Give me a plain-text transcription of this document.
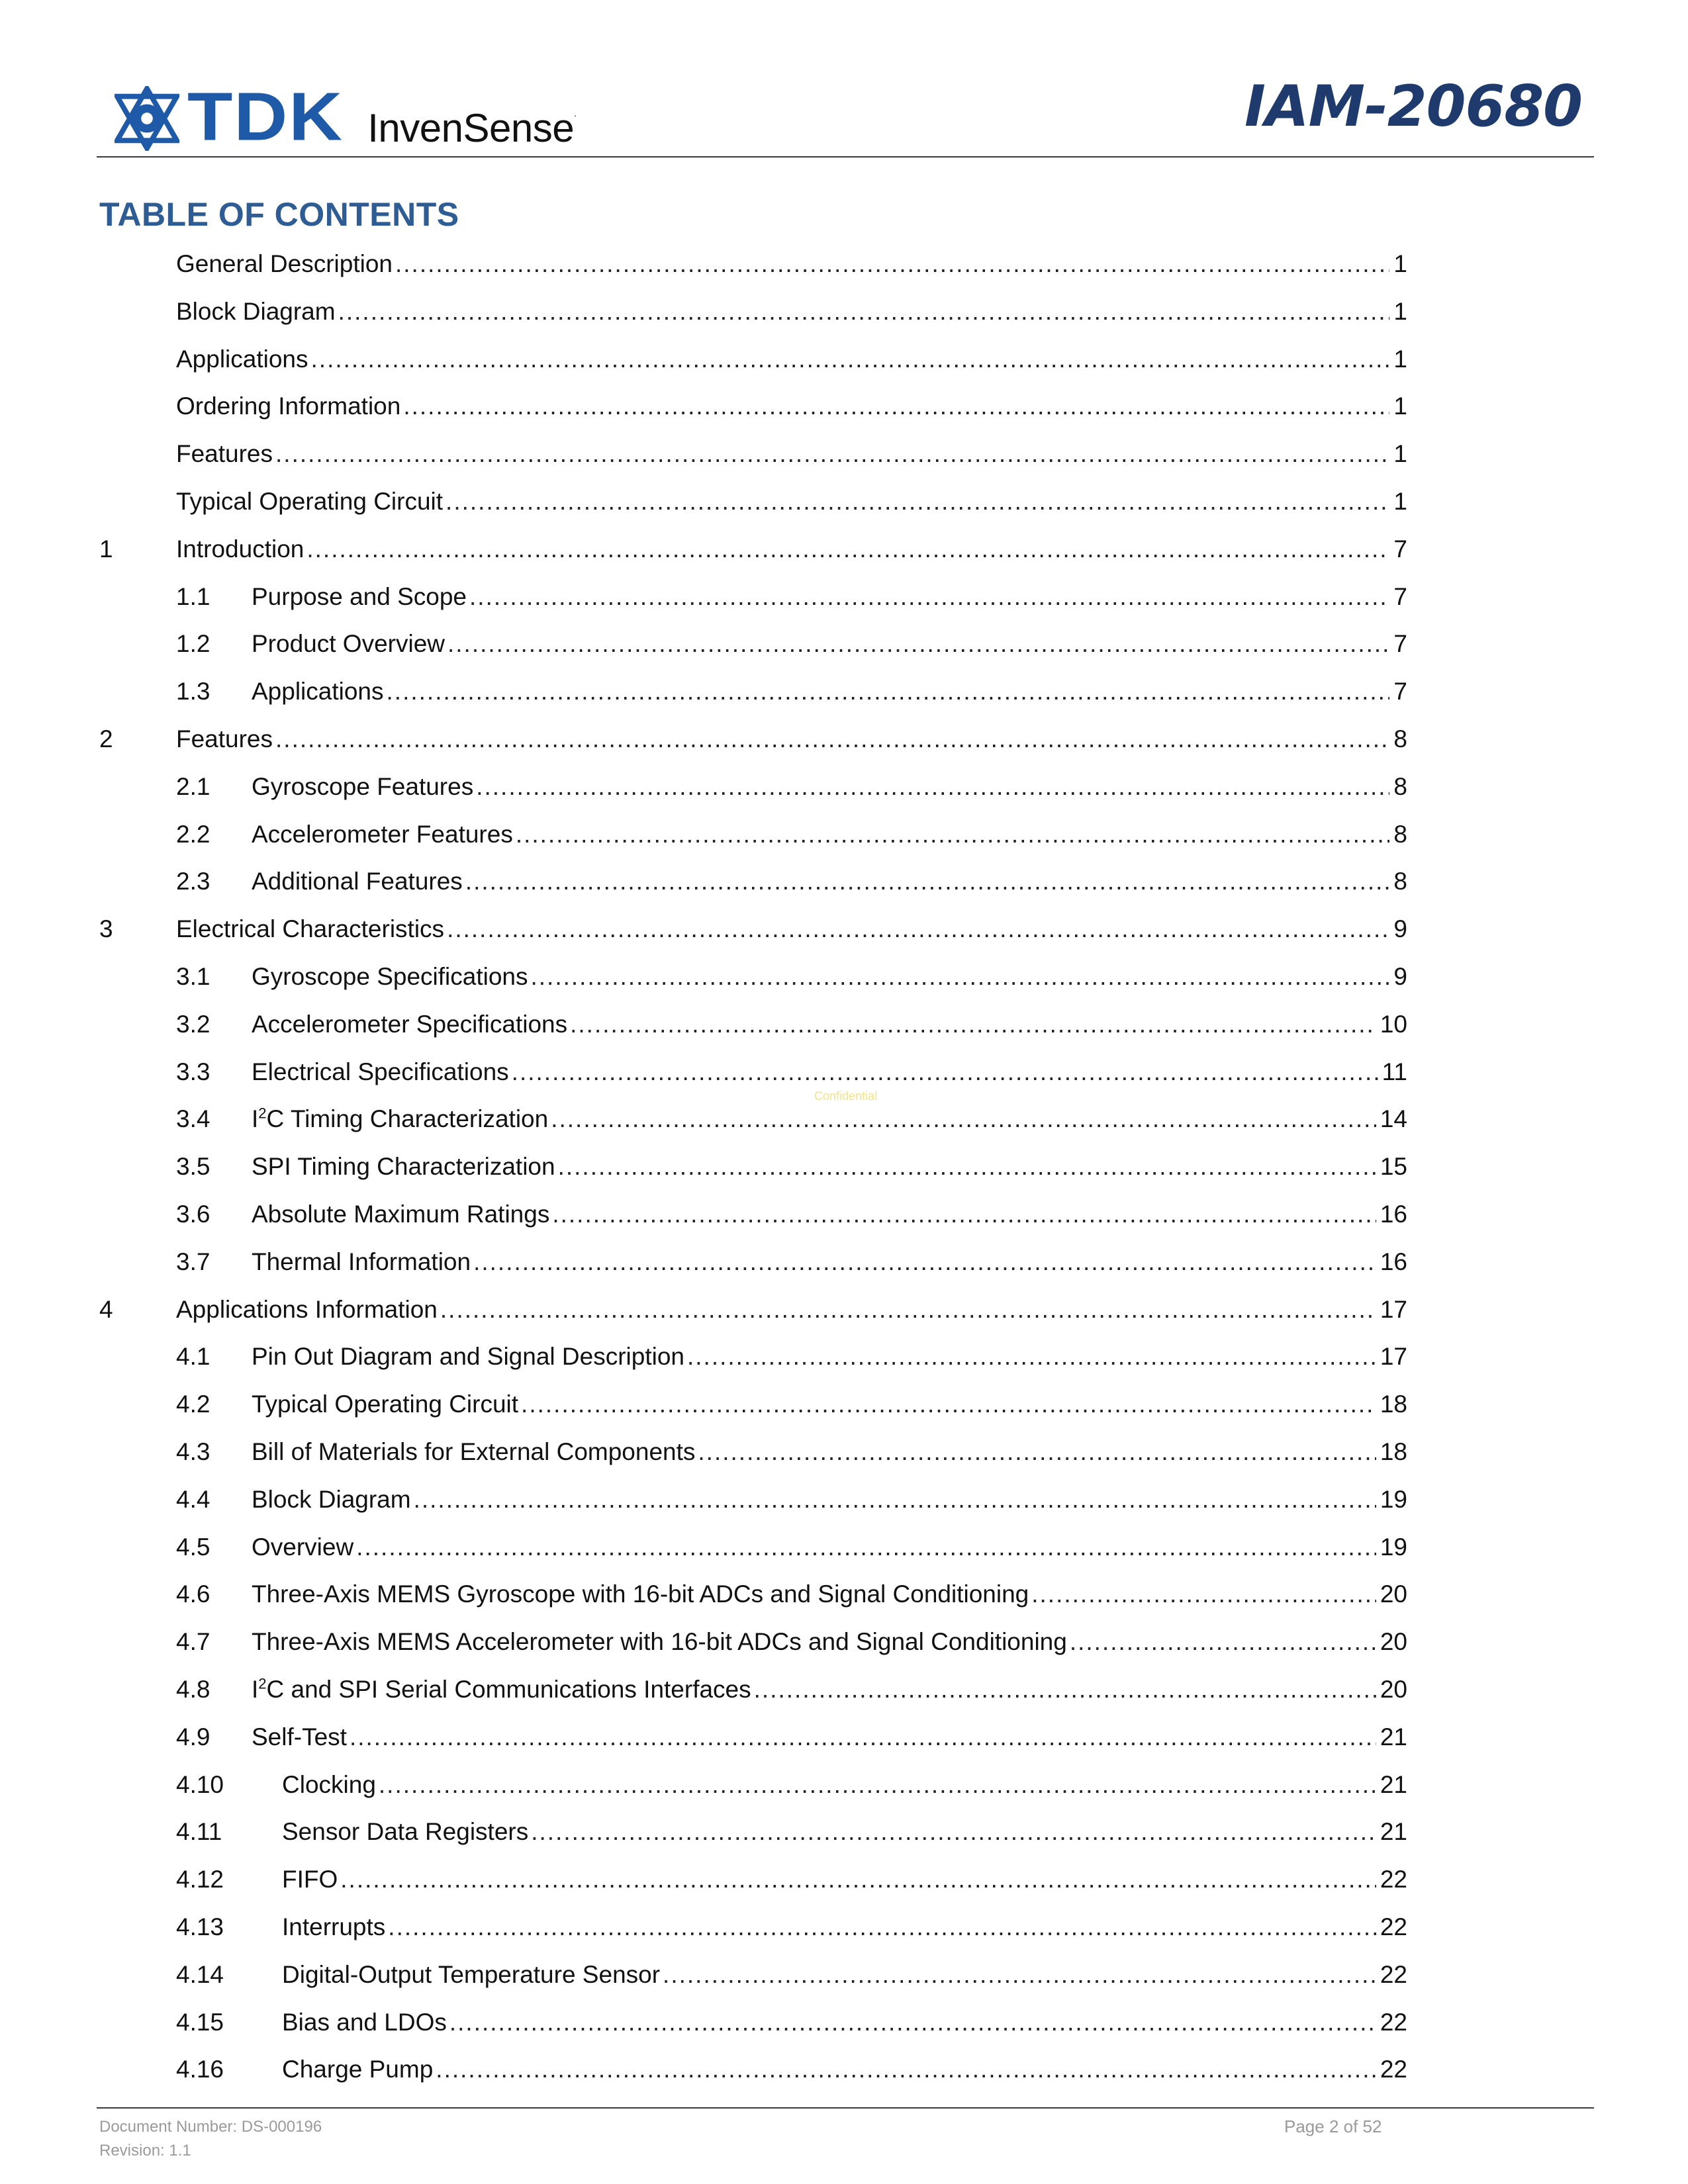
TDK InvenSense.	IAM-20680
TABLE OF CONTENTS
General Description .....	1
Block Diagram .....	1
Applications .....	1
Ordering Information .....	1
Features .....	1
Typical Operating Circuit .....	1
1	Introduction .....	7
1.1 Purpose and Scope .....	7
1.2 Product Overview .....	7
1.3 Applications .....	7
2	Features .....	8
2.1 Gyroscope Features .....	8
2.2 Accelerometer Features .....	8
2.3 Additional Features .....	8
3	Electrical Characteristics .....	9
3.1 Gyroscope Specifications .....	9
3.2 Accelerometer Specifications .....	10
3.3 Electrical Specifications .....	11
3.4 $I^2C$ Timing Characterization .....	14
3.5 SPI Timing Characterization .....	15
3.6 Absolute Maximum Ratings .....	16
3.7 Thermal Information .....	16
4	Applications Information .....	17
4.1 Pin Out Diagram and Signal Description .....	17
4.2 Typical Operating Circuit .....	18
4.3 Bill of Materials for External Components .....	18
4.4 Block Diagram .....	19
4.5 Overview .....	19
4.6 Three-Axis MEMS Gyroscope with 16-bit ADCs and Signal Conditioning .....	20
4.7 Three-Axis MEMS Accelerometer with 16-bit ADCs and Signal Conditioning .....	20
4.8 $I^2C$ and SPI Serial Communications Interfaces .....	20
4.9 Self-Test .....	21
4.10 Clocking .....	21
4.11 Sensor Data Registers .....	21
4.12 FIFO .....	22
4.13 Interrupts .....	22
4.14 Digital-Output Temperature Sensor .....	22
4.15 Bias and LDOs .....	22
4.16 Charge Pump .....	22
Confidential
Document Number: DS-000196
Revision: 1.1
Page 2 of 52
